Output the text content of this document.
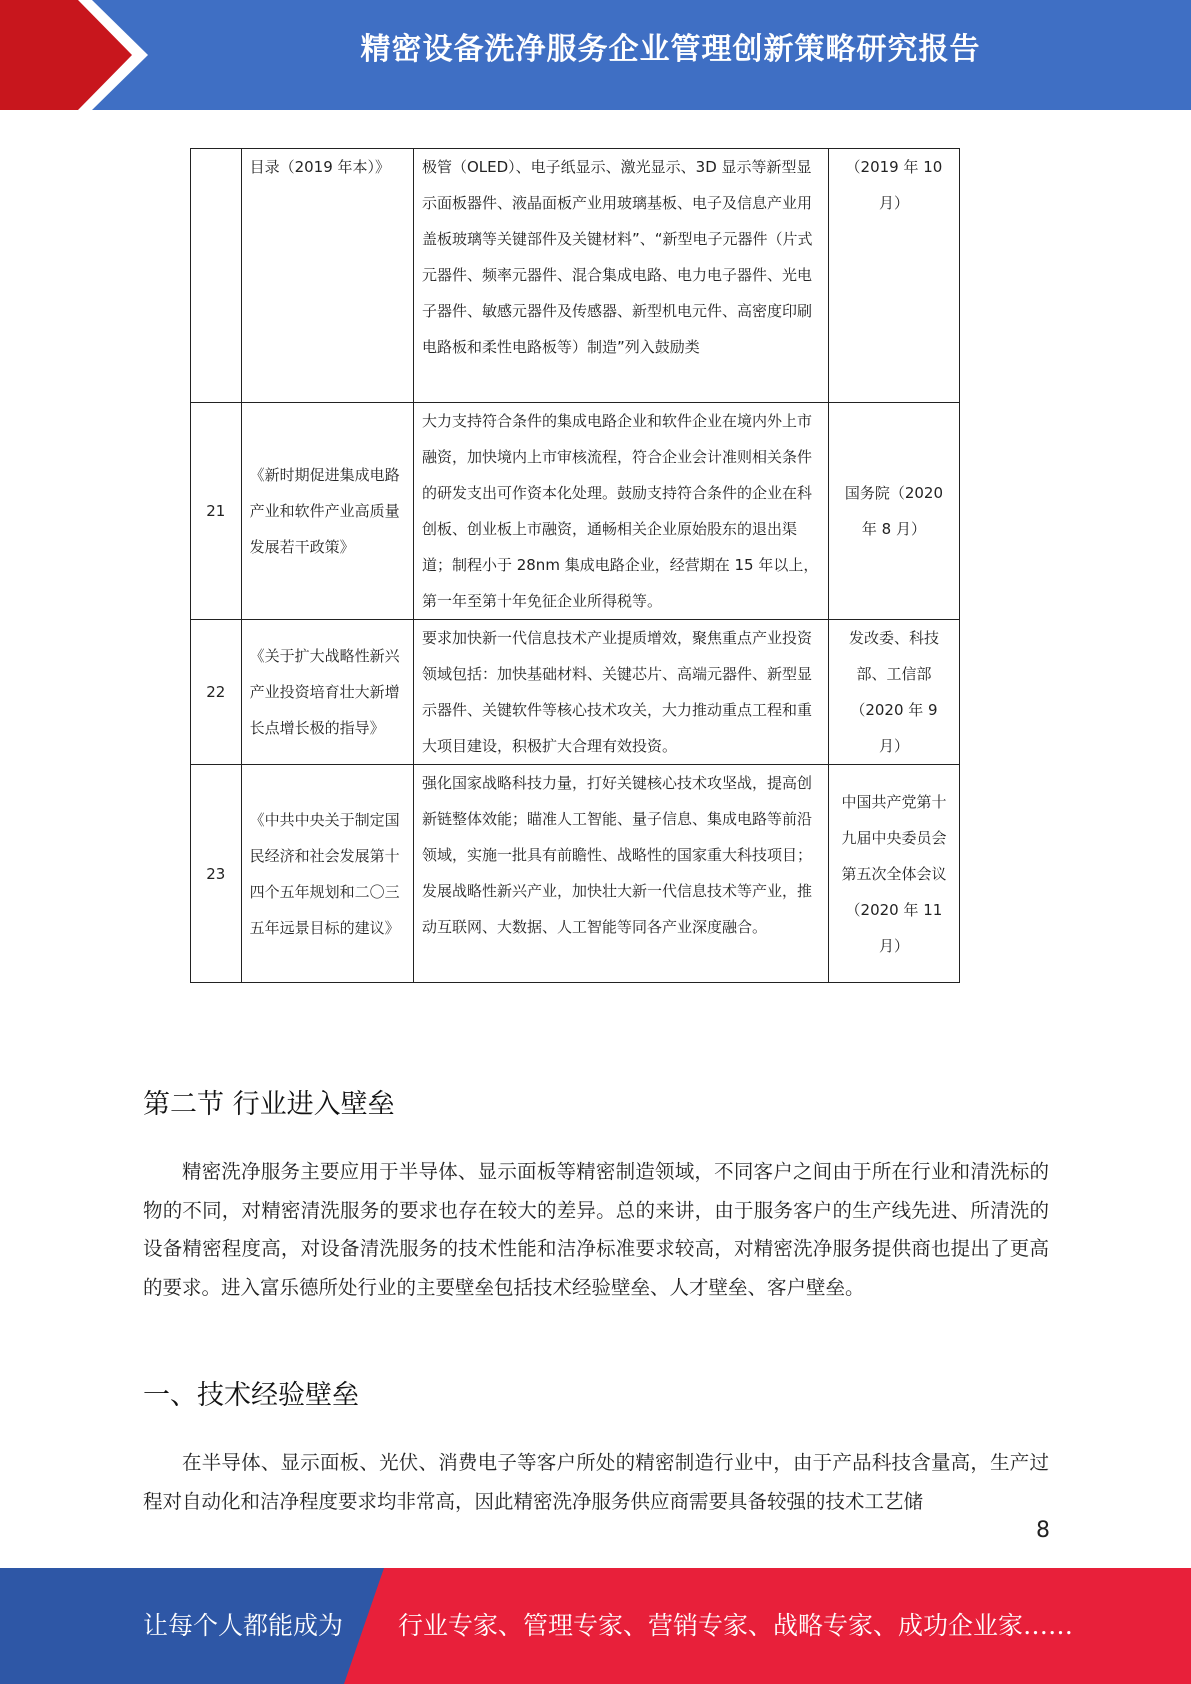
精密设备洗净服务企业管理创新策略研究报告
	目录（2019 年本）》	极管（OLED）、电子纸显示、激光显示、3D 显示等新型显示面板器件、液晶面板产业用玻璃基板、电子及信息产业用盖板玻璃等关键部件及关键材料”、“新型电子元器件（片式元器件、频率元器件、混合集成电路、电力电子器件、光电子器件、敏感元器件及传感器、新型机电元件、高密度印刷电路板和柔性电路板等）制造”列入鼓励类	（2019 年 10 月）
21	《新时期促进集成电路产业和软件产业高质量发展若干政策》	大力支持符合条件的集成电路企业和软件企业在境内外上市融资，加快境内上市审核流程，符合企业会计准则相关条件的研发支出可作资本化处理。鼓励支持符合条件的企业在科创板、创业板上市融资，通畅相关企业原始股东的退出渠道；制程小于 28nm 集成电路企业，经营期在 15 年以上，第一年至第十年免征企业所得税等。	国务院（2020 年 8 月）
22	《关于扩大战略性新兴产业投资培育壮大新增长点增长极的指导》	要求加快新一代信息技术产业提质增效，聚焦重点产业投资领域包括：加快基础材料、关键芯片、高端元器件、新型显示器件、关键软件等核心技术攻关，大力推动重点工程和重大项目建设，积极扩大合理有效投资。	发改委、科技部、工信部（2020 年 9 月）
23	《中共中央关于制定国民经济和社会发展第十四个五年规划和二〇三五年远景目标的建议》	强化国家战略科技力量，打好关键核心技术攻坚战，提高创新链整体效能；瞄准人工智能、量子信息、集成电路等前沿领域，实施一批具有前瞻性、战略性的国家重大科技项目；发展战略性新兴产业，加快壮大新一代信息技术等产业，推动互联网、大数据、人工智能等同各产业深度融合。	中国共产党第十九届中央委员会第五次全体会议（2020 年 11 月）
第二节 行业进入壁垒
精密洗净服务主要应用于半导体、显示面板等精密制造领域，不同客户之间由于所在行业和清洗标的物的不同，对精密清洗服务的要求也存在较大的差异。总的来讲，由于服务客户的生产线先进、所清洗的设备精密程度高，对设备清洗服务的技术性能和洁净标准要求较高，对精密洗净服务提供商也提出了更高的要求。进入富乐德所处行业的主要壁垒包括技术经验壁垒、人才壁垒、客户壁垒。
一、技术经验壁垒
在半导体、显示面板、光伏、消费电子等客户所处的精密制造行业中，由于产品科技含量高，生产过程对自动化和洁净程度要求均非常高，因此精密洗净服务供应商需要具备较强的技术工艺储
8
让每个人都能成为 行业专家、管理专家、营销专家、战略专家、成功企业家……
